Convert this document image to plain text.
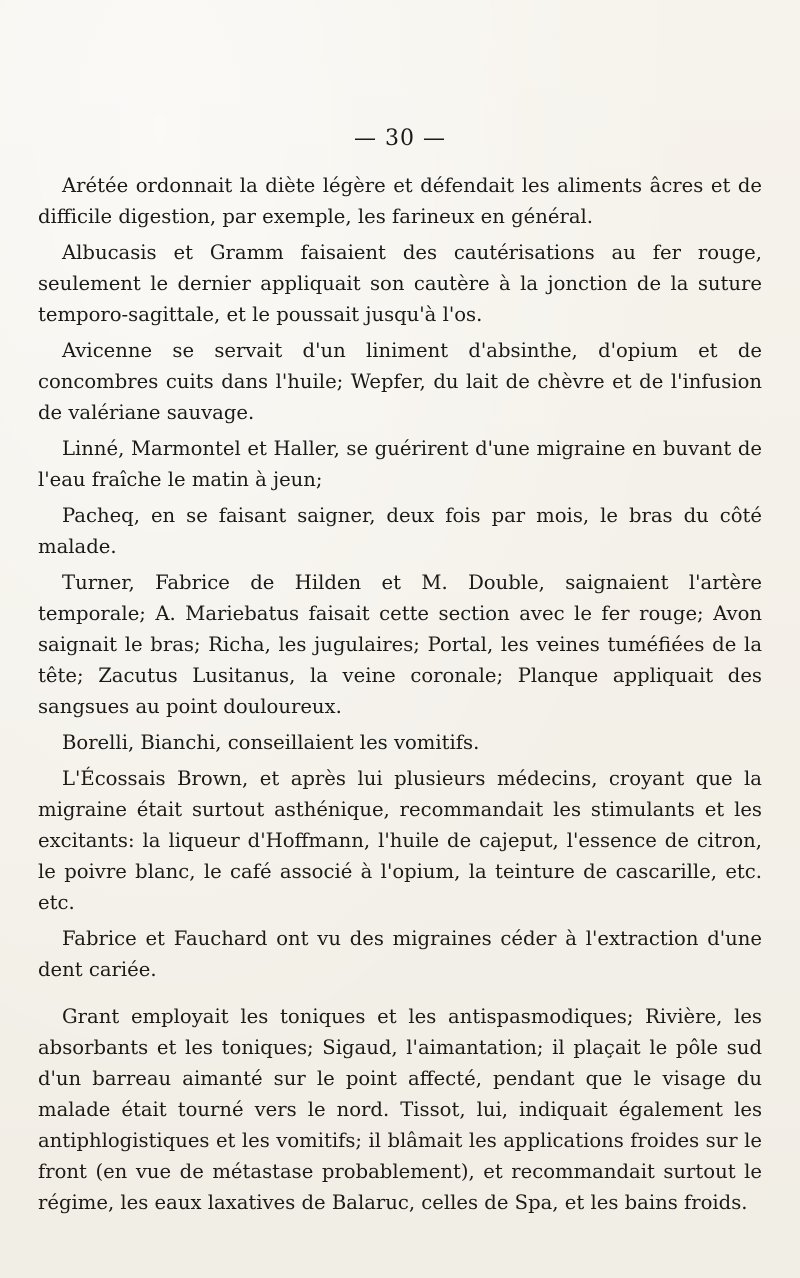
— 30 —

Arétée ordonnait la diète légère et défendait les aliments âcres et de difficile digestion, par exemple, les farineux en général.

Albucasis et Gramm faisaient des cautérisations au fer rouge, seulement le dernier appliquait son cautère à la jonction de la suture temporo-sagittale, et le poussait jusqu'à l'os.

Avicenne se servait d'un liniment d'absinthe, d'opium et de concombres cuits dans l'huile; Wepfer, du lait de chèvre et de l'infusion de valériane sauvage.

Linné, Marmontel et Haller, se guérirent d'une migraine en buvant de l'eau fraîche le matin à jeun;

Pacheq, en se faisant saigner, deux fois par mois, le bras du côté malade.

Turner, Fabrice de Hilden et M. Double, saignaient l'artère temporale; A. Mariebatus faisait cette section avec le fer rouge; Avon saignait le bras; Richa, les jugulaires; Portal, les veines tuméfiées de la tête; Zacutus Lusitanus, la veine coronale; Planque appliquait des sangsues au point douloureux.

Borelli, Bianchi, conseillaient les vomitifs.

L'Écossais Brown, et après lui plusieurs médecins, croyant que la migraine était surtout asthénique, recommandait les stimulants et les excitants: la liqueur d'Hoffmann, l'huile de cajeput, l'essence de citron, le poivre blanc, le café associé à l'opium, la teinture de cascarille, etc. etc.

Fabrice et Fauchard ont vu des migraines céder à l'extraction d'une dent cariée.

Grant employait les toniques et les antispasmodiques; Rivière, les absorbants et les toniques; Sigaud, l'aimantation; il plaçait le pôle sud d'un barreau aimanté sur le point affecté, pendant que le visage du malade était tourné vers le nord. Tissot, lui, indiquait également les antiphlogistiques et les vomitifs; il blâmait les applications froides sur le front (en vue de métastase probablement), et recommandait surtout le régime, les eaux laxatives de Balaruc, celles de Spa, et les bains froids.
